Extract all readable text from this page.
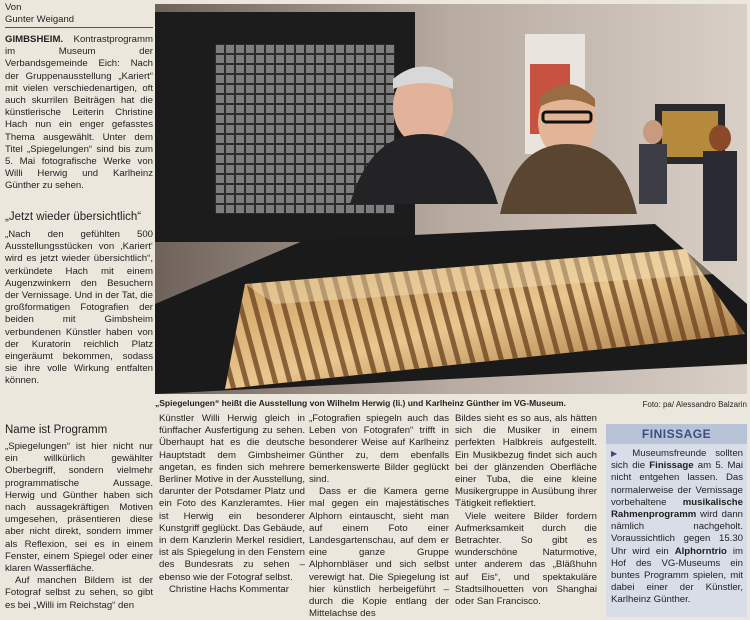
Von
Gunter Weigand

GIMBSHEIM. Kontrastprogramm im Museum der Verbandsgemeinde Eich: Nach der Gruppenausstellung „Kariert“ mit vielen verschiedenartigen, oft auch skurrilen Beiträgen hat die künstlerische Leiterin Christine Hach nun ein enger gefasstes Thema ausgewählt. Unter dem Titel „Spiegelungen“ sind bis zum 5. Mai fotografische Werke von Willi Herwig und Karlheinz Günther zu sehen.

„Jetzt wieder übersichtlich“

„Nach den gefühlten 500 Ausstellungsstücken von ‚Kariert‘ wird es jetzt wieder übersichtlich“, verkündete Hach mit einem Augenzwinkern den Besuchern der Vernissage. Und in der Tat, die großformatigen Fotografien der beiden mit Gimbsheim verbundenen Künstler haben von der Kuratorin reichlich Platz eingeräumt bekommen, sodass sie ihre volle Wirkung entfalten können.

Name ist Programm

„Spiegelungen“ ist hier nicht nur ein willkürlich gewählter Oberbegriff, sondern vielmehr programmatische Aussage. Herwig und Günther haben sich nach aussagekräftigen Motiven umgesehen, präsentieren diese aber nicht direkt, sondern immer als Reflexion, sei es in einem Fenster, einem Spiegel oder einer klaren Wasserfläche.

Auf manchen Bildern ist der Fotograf selbst zu sehen, so gibt es bei „Willi im Reichstag“ den

Künstler Willi Herwig gleich in fünffacher Ausfertigung zu sehen. Überhaupt hat es die deutsche Hauptstadt dem Gimbsheimer angetan, es finden sich mehrere Berliner Motive in der Ausstellung, darunter der Potsdamer Platz und ein Foto des Kanzleramtes. Hier ist Herwig ein besonderer Kunstgriff geglückt. Das Gebäude, in dem Kanzlerin Merkel residiert, ist als Spiegelung in den Fenstern des Bundesrats zu sehen – ebenso wie der Fotograf selbst.

Christine Hachs Kommentar

„Fotografien spiegeln auch das Leben von Fotografen“ trifft in besonderer Weise auf Karlheinz Günther zu, dem ebenfalls bemerkenswerte Bilder geglückt sind.

Dass er die Kamera gerne mal gegen ein majestätisches Alphorn eintauscht, sieht man auf einem Foto einer Landesgartenschau, auf dem er eine ganze Gruppe Alphornbläser und sich selbst verewigt hat. Die Spiegelung ist hier künstlich herbeigeführt – durch die Kopie entlang der Mittelachse des

Bildes sieht es so aus, als hätten sich die Musiker in einem perfekten Halbkreis aufgestellt. Ein Musikbezug findet sich auch bei der glänzenden Oberfläche einer Tuba, die eine kleine Musikergruppe in Ausübung ihrer Tätigkeit reflektiert.

Viele weitere Bilder fordern Aufmerksamkeit durch die Betrachter. So gibt es wunderschöne Naturmotive, unter anderem das „Bläßhuhn auf Eis“, und spektakuläre Stadtsilhouetten von Shanghai oder San Francisco.

„Spiegelungen“ heißt die Ausstellung von Wilhelm Herwig (li.) und Karlheinz Günther im VG-Museum.	Foto: pa/ Alessandro Balzarin
FINISSAGE

▶ Museumsfreunde sollten sich die Finissage am 5. Mai nicht entgehen lassen. Das normalerweise der Vernissage vorbehaltene musikalische Rahmenprogramm wird dann nämlich nachgeholt. Voraussichtlich gegen 15.30 Uhr wird ein Alphorntrio im Hof des VG-Museums ein buntes Programm spielen, mit dabei einer der Künstler, Karlheinz Günther.
